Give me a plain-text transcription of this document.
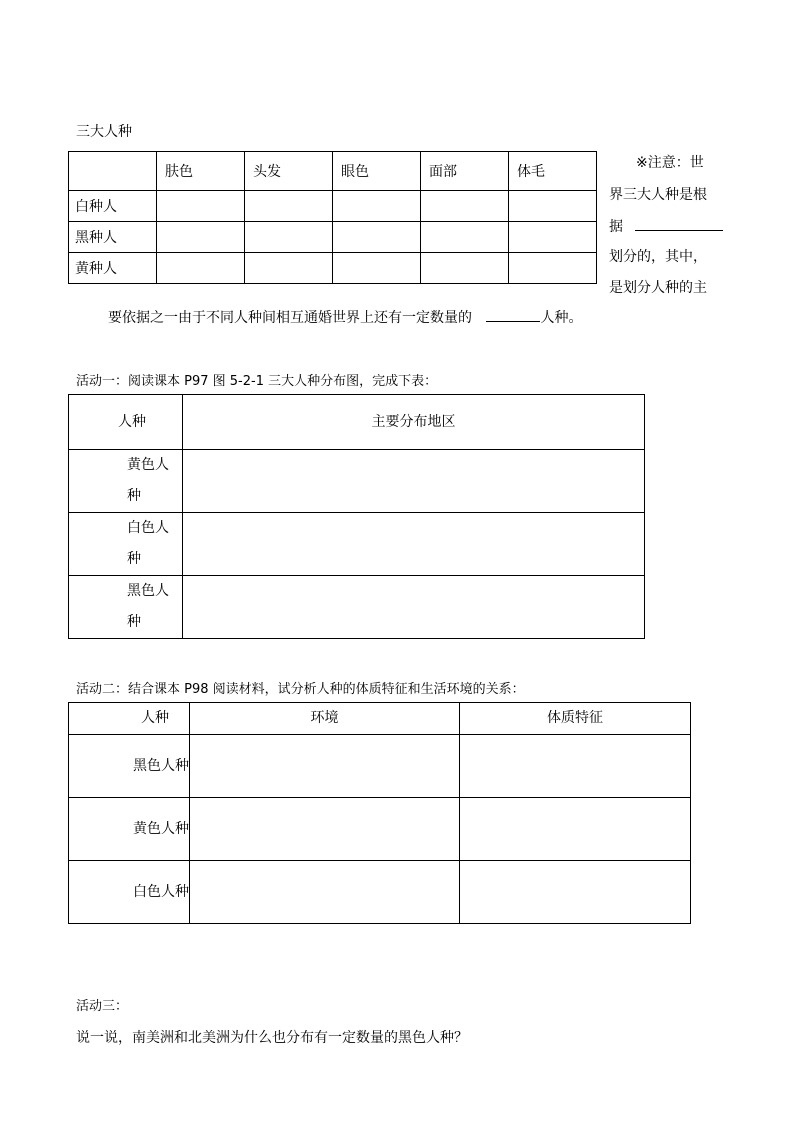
三大人种
	肤色	头发	眼色	面部	体毛
白种人					
黑种人					
黄种人					
※注意：世
界三大人种是根
据
划分的，其中，
是划分人种的主
要依据之一由于不同人种间相互通婚世界上还有一定数量的	人种。
活动一：阅读课本 P97 图 5-2-1 三大人种分布图，完成下表：
人种	主要分布地区
黄色人种	
白色人种	
黑色人种	
活动二：结合课本 P98 阅读材料，试分析人种的体质特征和生活环境的关系：
人种	环境	体质特征
黑色人种		
黄色人种		
白色人种		
活动三：
说一说，南美洲和北美洲为什么也分布有一定数量的黑色人种？
